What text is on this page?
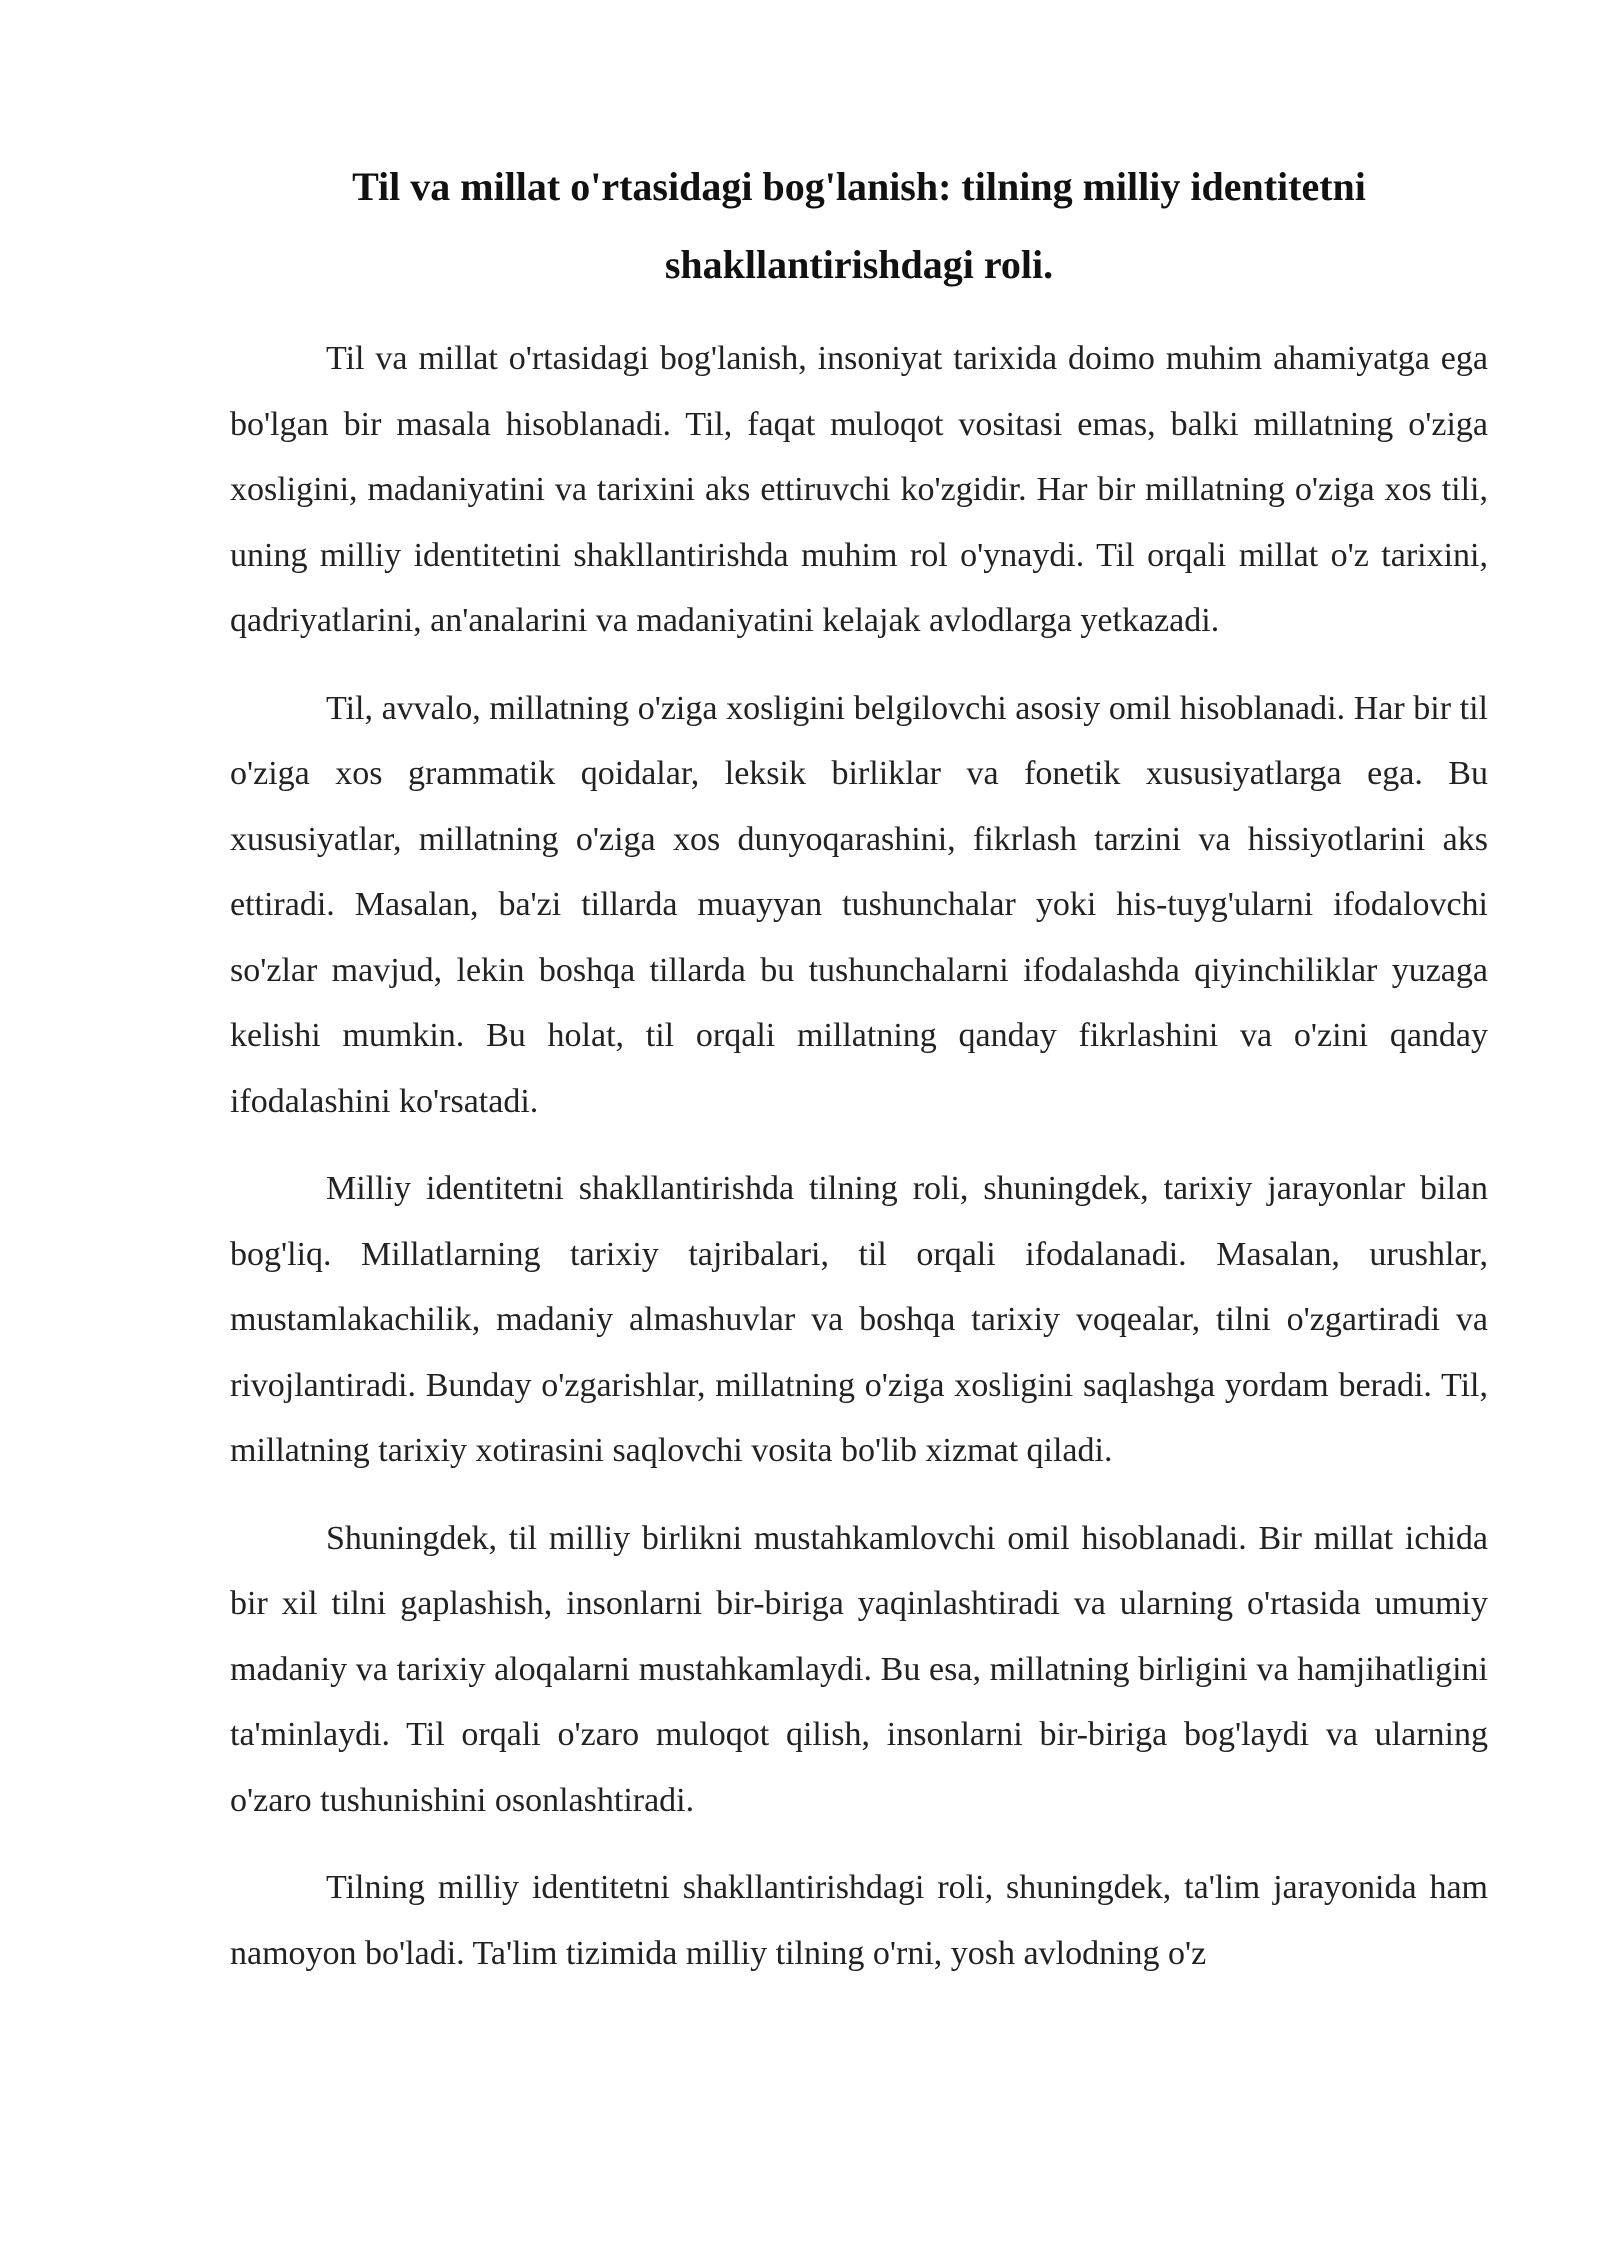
Til va millat o'rtasidagi bog'lanish: tilning milliy identitetni shakllantirishdagi roli.

Til va millat o'rtasidagi bog'lanish, insoniyat tarixida doimo muhim ahamiyatga ega bo'lgan bir masala hisoblanadi. Til, faqat muloqot vositasi emas, balki millatning o'ziga xosligini, madaniyatini va tarixini aks ettiruvchi ko'zgidir. Har bir millatning o'ziga xos tili, uning milliy identitetini shakllantirishda muhim rol o'ynaydi. Til orqali millat o'z tarixini, qadriyatlarini, an'analarini va madaniyatini kelajak avlodlarga yetkazadi.

Til, avvalo, millatning o'ziga xosligini belgilovchi asosiy omil hisoblanadi. Har bir til o'ziga xos grammatik qoidalar, leksik birliklar va fonetik xususiyatlarga ega. Bu xususiyatlar, millatning o'ziga xos dunyoqarashini, fikrlash tarzini va hissiyotlarini aks ettiradi. Masalan, ba'zi tillarda muayyan tushunchalar yoki his-tuyg'ularni ifodalovchi so'zlar mavjud, lekin boshqa tillarda bu tushunchalarni ifodalashda qiyinchiliklar yuzaga kelishi mumkin. Bu holat, til orqali millatning qanday fikrlashini va o'zini qanday ifodalashini ko'rsatadi.

Milliy identitetni shakllantirishda tilning roli, shuningdek, tarixiy jarayonlar bilan bog'liq. Millatlarning tarixiy tajribalari, til orqali ifodalanadi. Masalan, urushlar, mustamlakachilik, madaniy almashuvlar va boshqa tarixiy voqealar, tilni o'zgartiradi va rivojlantiradi. Bunday o'zgarishlar, millatning o'ziga xosligini saqlashga yordam beradi. Til, millatning tarixiy xotirasini saqlovchi vosita bo'lib xizmat qiladi.

Shuningdek, til milliy birlikni mustahkamlovchi omil hisoblanadi. Bir millat ichida bir xil tilni gaplashish, insonlarni bir-biriga yaqinlashtiradi va ularning o'rtasida umumiy madaniy va tarixiy aloqalarni mustahkamlaydi. Bu esa, millatning birligini va hamjihatligini ta'minlaydi. Til orqali o'zaro muloqot qilish, insonlarni bir-biriga bog'laydi va ularning o'zaro tushunishini osonlashtiradi.

Tilning milliy identitetni shakllantirishdagi roli, shuningdek, ta'lim jarayonida ham namoyon bo'ladi. Ta'lim tizimida milliy tilning o'rni, yosh avlodning o'z
